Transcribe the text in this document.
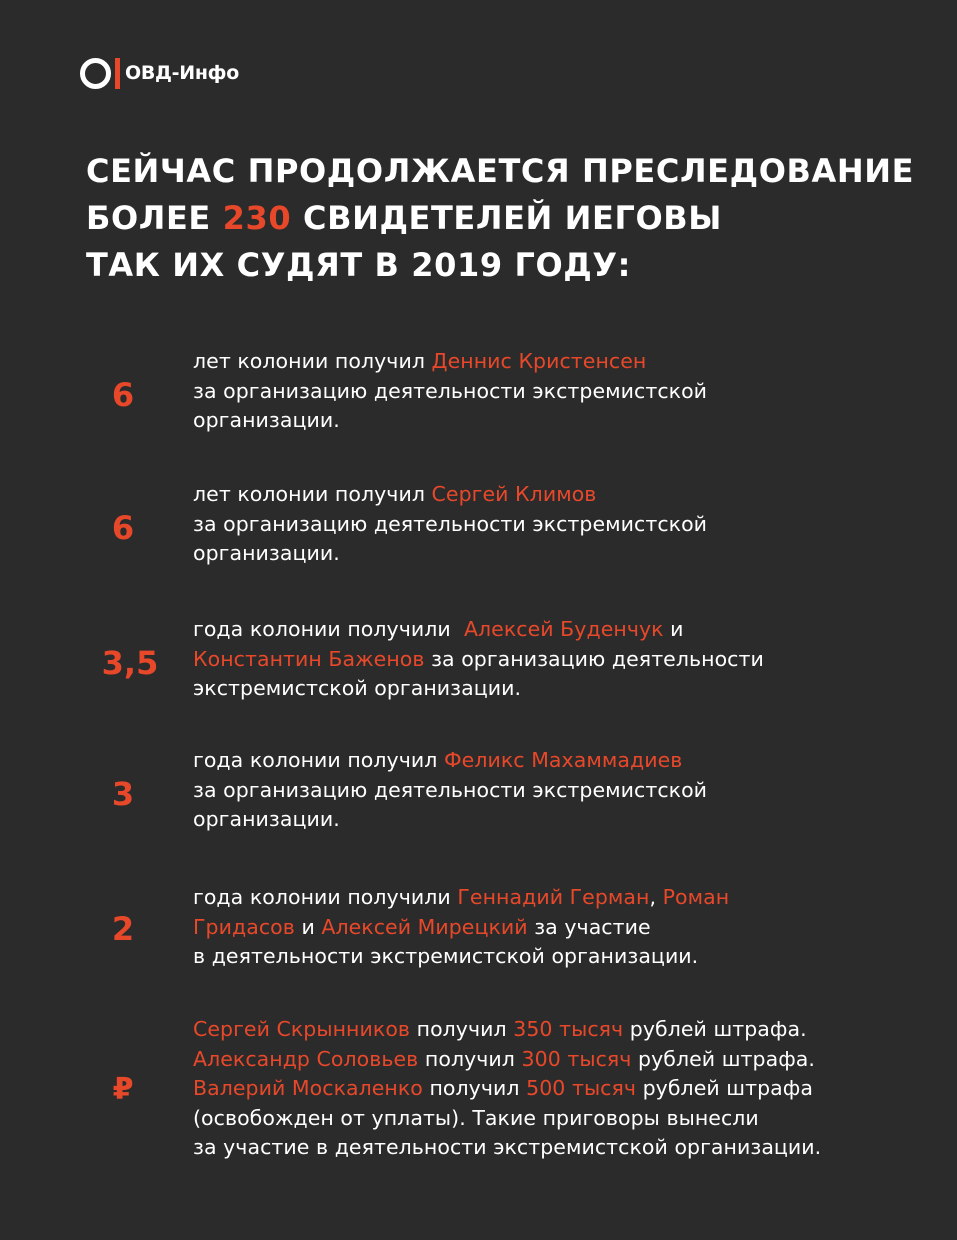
ОВД-Инфо
СЕЙЧАС ПРОДОЛЖАЕТСЯ ПРЕСЛЕДОВАНИЕ
БОЛЕЕ 230 СВИДЕТЕЛЕЙ ИЕГОВЫ
ТАК ИХ СУДЯТ В 2019 ГОДУ:
6
лет колонии получил Деннис Кристенсен
за организацию деятельности экстремистской
организации.
6
лет колонии получил Сергей Климов
за организацию деятельности экстремистской
организации.
3,5
года колонии получили  Алексей Буденчук и
Константин Баженов за организацию деятельности
экстремистской организации.
3
года колонии получил Феликс Махаммадиев
за организацию деятельности экстремистской
организации.
2
года колонии получили Геннадий Герман, Роман
Гридасов и Алексей Мирецкий за участие
в деятельности экстремистской организации.
₽
Сергей Скрынников получил 350 тысяч рублей штрафа.
Александр Соловьев получил 300 тысяч рублей штрафа.
Валерий Москаленко получил 500 тысяч рублей штрафа
(освобожден от уплаты). Такие приговоры вынесли
за участие в деятельности экстремистской организации.
